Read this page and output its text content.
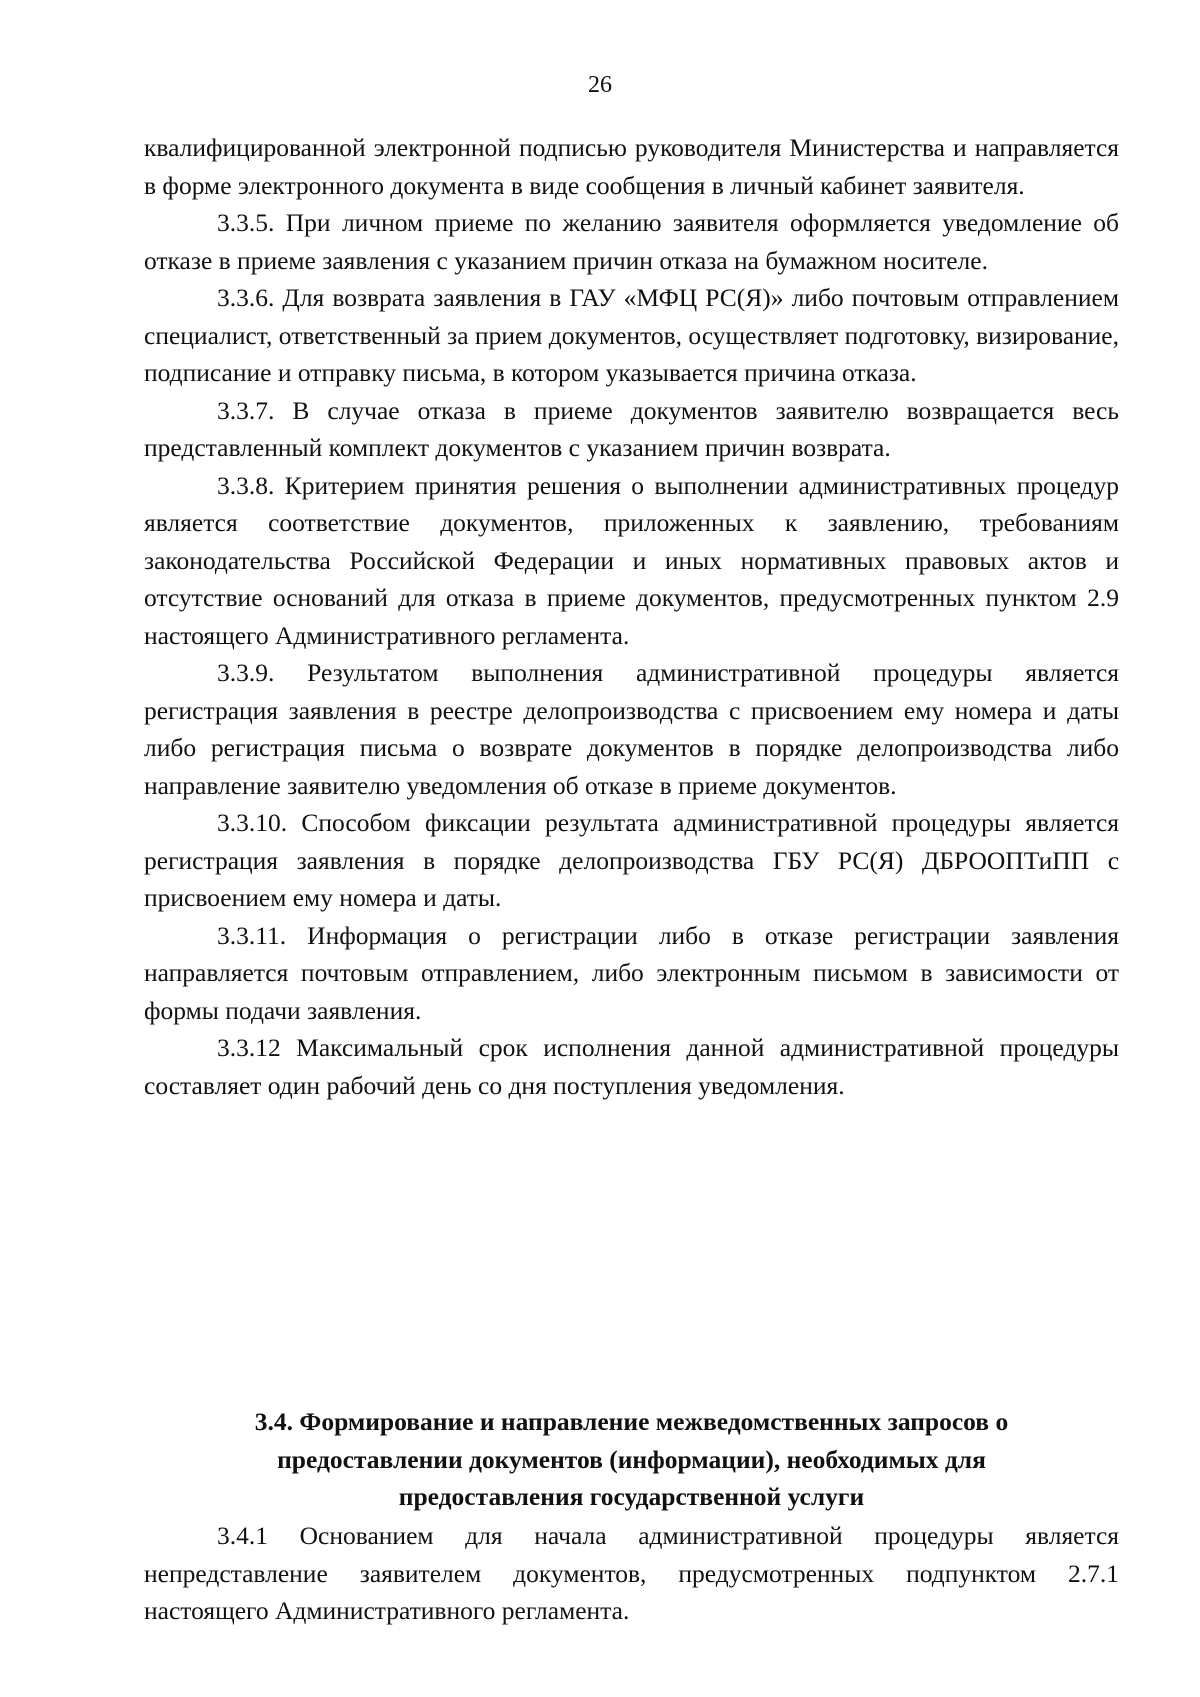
26

квалифицированной электронной подписью руководителя Министерства и направляется в форме электронного документа в виде сообщения в личный кабинет заявителя.

3.3.5. При личном приеме по желанию заявителя оформляется уведомление об отказе в приеме заявления с указанием причин отказа на бумажном носителе.

3.3.6. Для возврата заявления в ГАУ «МФЦ РС(Я)» либо почтовым отправлением специалист, ответственный за прием документов, осуществляет подготовку, визирование, подписание и отправку письма, в котором указывается причина отказа.

3.3.7. В случае отказа в приеме документов заявителю возвращается весь представленный комплект документов с указанием причин возврата.

3.3.8. Критерием принятия решения о выполнении административных процедур является соответствие документов, приложенных к заявлению, требованиям законодательства Российской Федерации и иных нормативных правовых актов и отсутствие оснований для отказа в приеме документов, предусмотренных пунктом 2.9 настоящего Административного регламента.

3.3.9. Результатом выполнения административной процедуры является регистрация заявления в реестре делопроизводства с присвоением ему номера и даты либо регистрация письма о возврате документов в порядке делопроизводства либо направление заявителю уведомления об отказе в приеме документов.

3.3.10. Способом фиксации результата административной процедуры является регистрация заявления в порядке делопроизводства ГБУ РС(Я) ДБРООПТиПП с присвоением ему номера и даты.

3.3.11. Информация о регистрации либо в отказе регистрации заявления направляется почтовым отправлением, либо электронным письмом в зависимости от формы подачи заявления.

3.3.12 Максимальный срок исполнения данной административной процедуры составляет один рабочий день со дня поступления уведомления.

3.4. Формирование и направление межведомственных запросов о
предоставлении документов (информации), необходимых для
предоставления государственной услуги

3.4.1 Основанием для начала административной процедуры является непредставление заявителем документов, предусмотренных подпунктом 2.7.1 настоящего Административного регламента.
